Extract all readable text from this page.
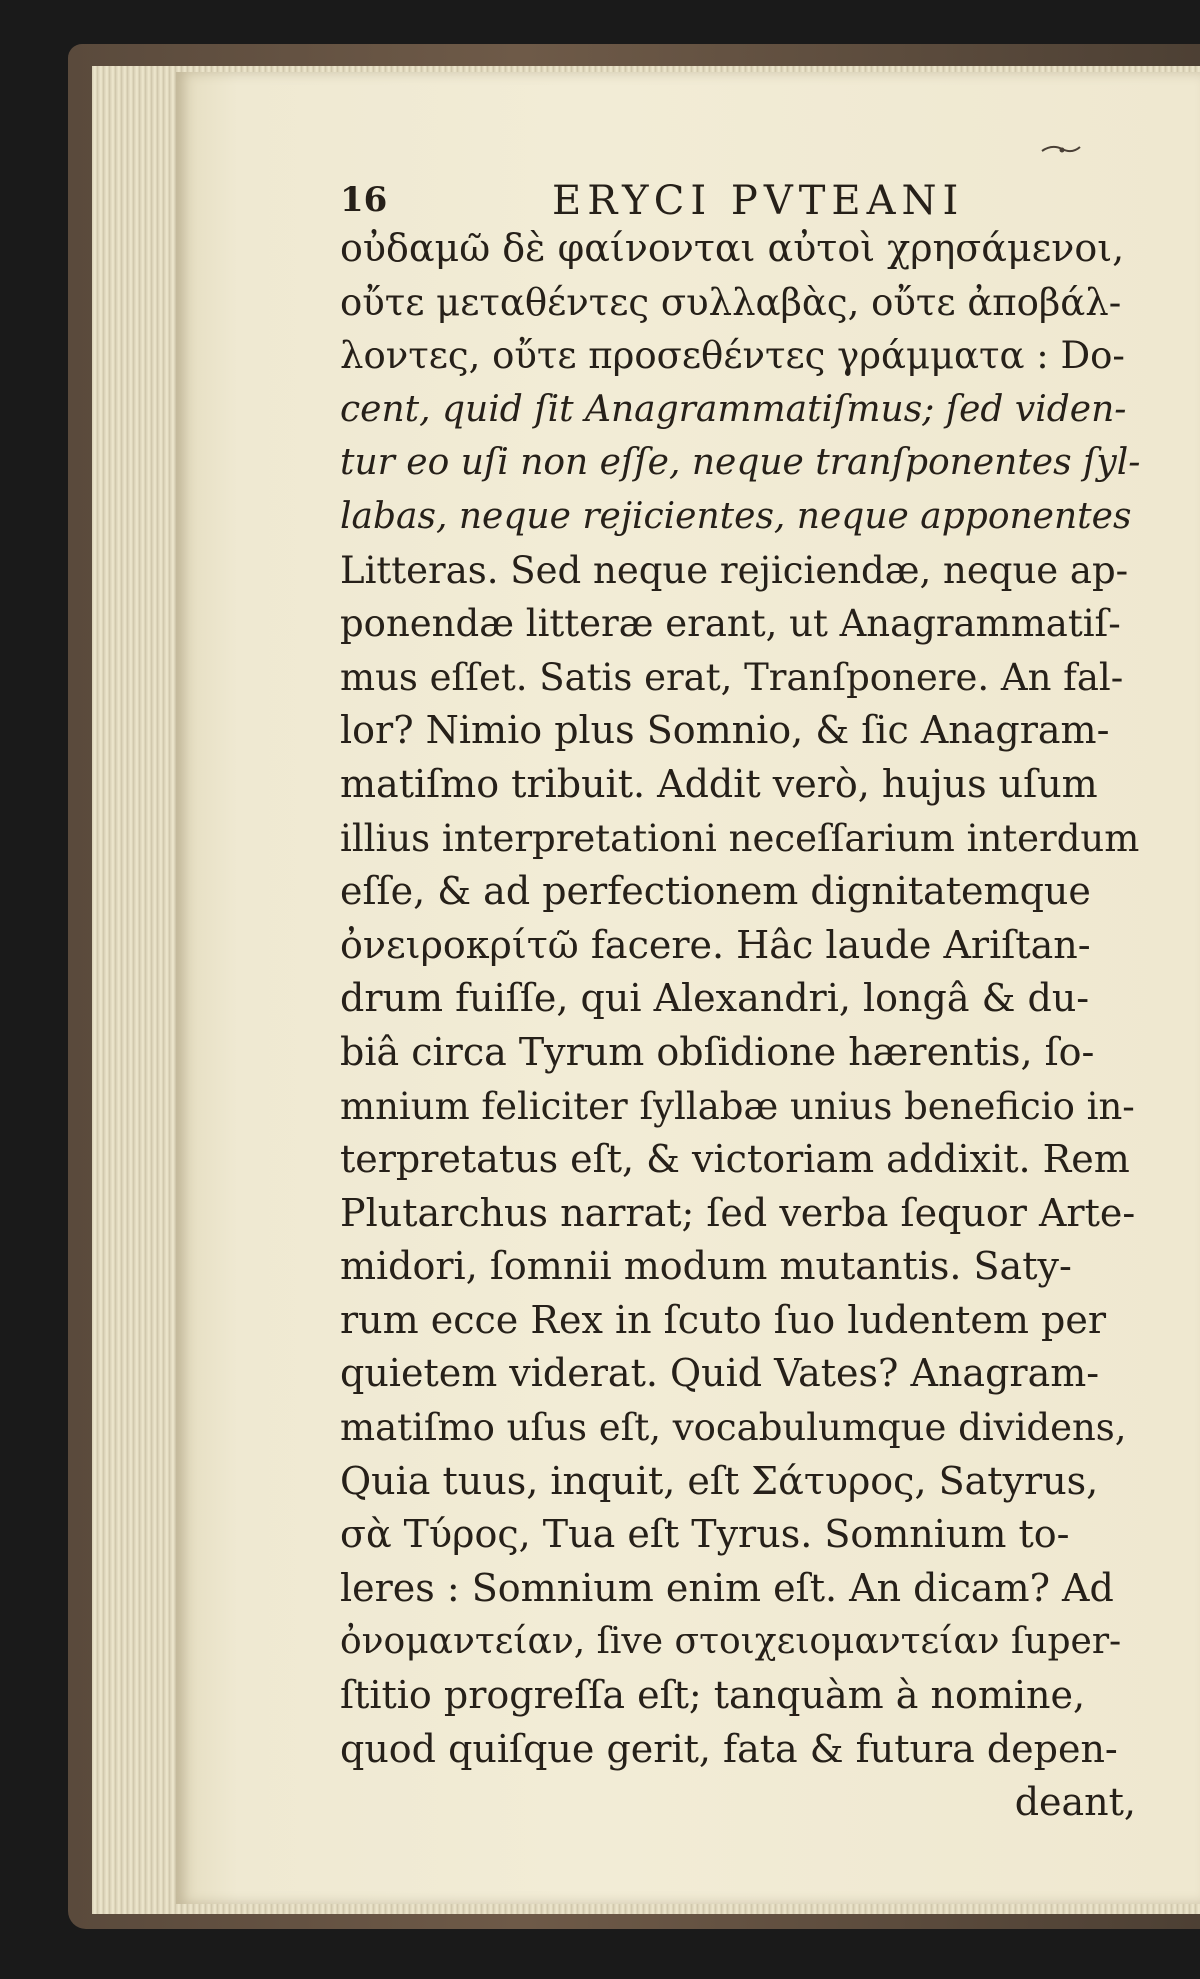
16	ERYCI PVTEANI
οὐδαμῶ δὲ φαίνονται αὐτοὶ χρησάμενοι,
οὔτε μεταθέντες συλλαβὰς, οὔτε ἀποβάλ-
λοντες, οὔτε προσεθέντες γράμματα : Do-
cent, quid ſit Anagrammatiſmus; ſed viden-
tur eo uſi non eſſe, neque tranſponentes ſyl-
labas, neque rejicientes, neque apponentes
Litteras. Sed neque rejiciendæ, neque ap-
ponendæ litteræ erant, ut Anagrammatiſ-
mus eſſet. Satis erat, Tranſponere. An fal-
lor? Nimio plus Somnio, & ſic Anagram-
matiſmo tribuit. Addit verò, hujus uſum
illius interpretationi neceſſarium interdum
eſſe, & ad perfectionem dignitatemque
ὀνειροκρίτῶ facere. Hâc laude Ariſtan-
drum fuiſſe, qui Alexandri, longâ & du-
biâ circa Tyrum obſidione hærentis, ſo-
mnium feliciter ſyllabæ unius beneficio in-
terpretatus eſt, & victoriam addixit. Rem
Plutarchus narrat; ſed verba ſequor Arte-
midori, ſomnii modum mutantis. Saty-
rum ecce Rex in ſcuto ſuo ludentem per
quietem viderat. Quid Vates? Anagram-
matiſmo uſus eſt, vocabulumque dividens,
Quia tuus, inquit, eſt Σάτυρος, Satyrus,
σὰ Τύρος, Tua eſt Tyrus. Somnium to-
leres : Somnium enim eſt. An dicam? Ad
ὀνομαντείαν, ſive στοιχειομαντείαν ſuper-
ſtitio progreſſa eſt; tanquàm à nomine,
quod quiſque gerit, fata & futura depen-
deant,
